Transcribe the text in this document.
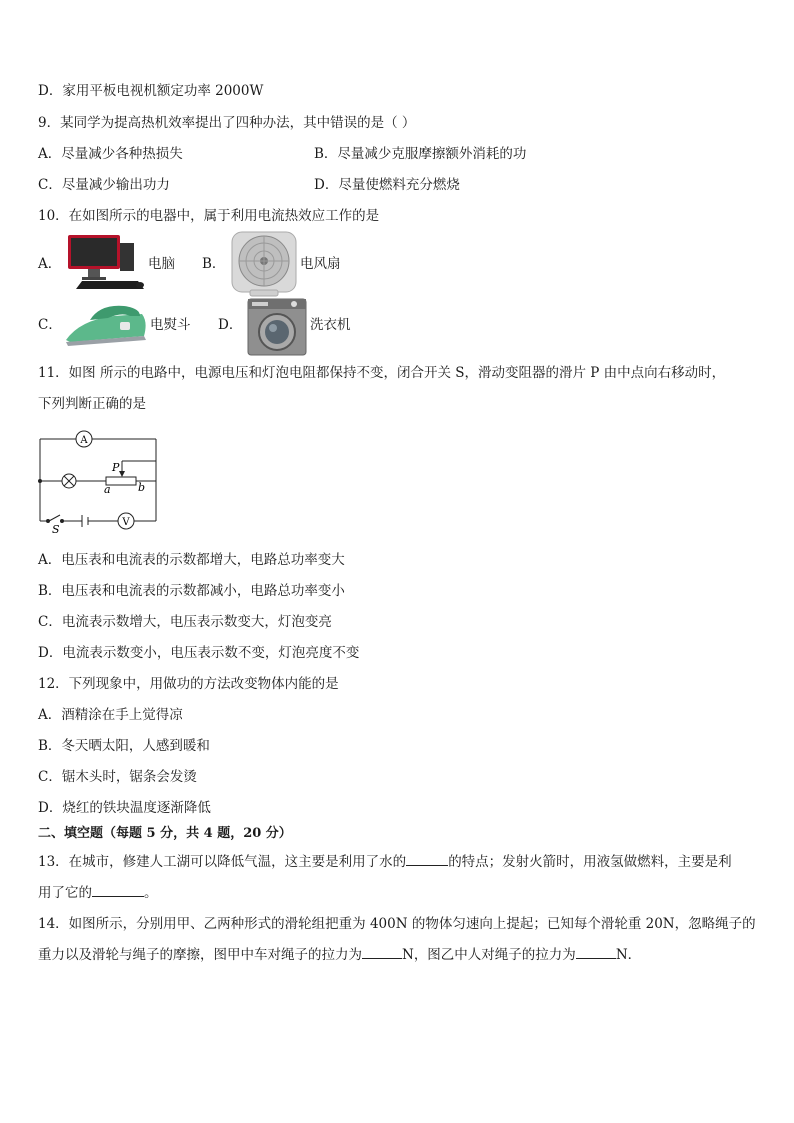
D．家用平板电视机额定功率 2000W
9．某同学为提高热机效率提出了四种办法，其中错误的是（ ）
A．尽量减少各种热损失	B．尽量减少克服摩擦额外消耗的功
C．尽量减少输出功力	D．尽量使燃料充分燃烧
10．在如图所示的电器中，属于利用电流热效应工作的是
A．	电脑 B．	电风扇
C．	电熨斗 D．	洗衣机
11．如图 所示的电路中，电源电压和灯泡电阻都保持不变，闭合开关 S，滑动变阻器的滑片 P 由中点向右移动时，
下列判断正确的是
A
V
P
a b
S
A．电压表和电流表的示数都增大，电路总功率变大
B．电压表和电流表的示数都减小，电路总功率变小
C．电流表示数增大，电压表示数变大，灯泡变亮
D．电流表示数变小，电压表示数不变，灯泡亮度不变
12．下列现象中，用做功的方法改变物体内能的是
A．酒精涂在手上觉得凉
B．冬天晒太阳，人感到暖和
C．锯木头时，锯条会发烫
D．烧红的铁块温度逐渐降低
二、填空题（每题 5 分，共 4 题，20 分）
13．在城市，修建人工湖可以降低气温，这主要是利用了水的	的特点；发射火箭时，用液氢做燃料，主要是利
用了它的	。
14．如图所示，分别用甲、乙两种形式的滑轮组把重为 400N 的物体匀速向上提起；已知每个滑轮重 20N，忽略绳子的
重力以及滑轮与绳子的摩擦，图甲中车对绳子的拉力为	N，图乙中人对绳子的拉力为	N．
